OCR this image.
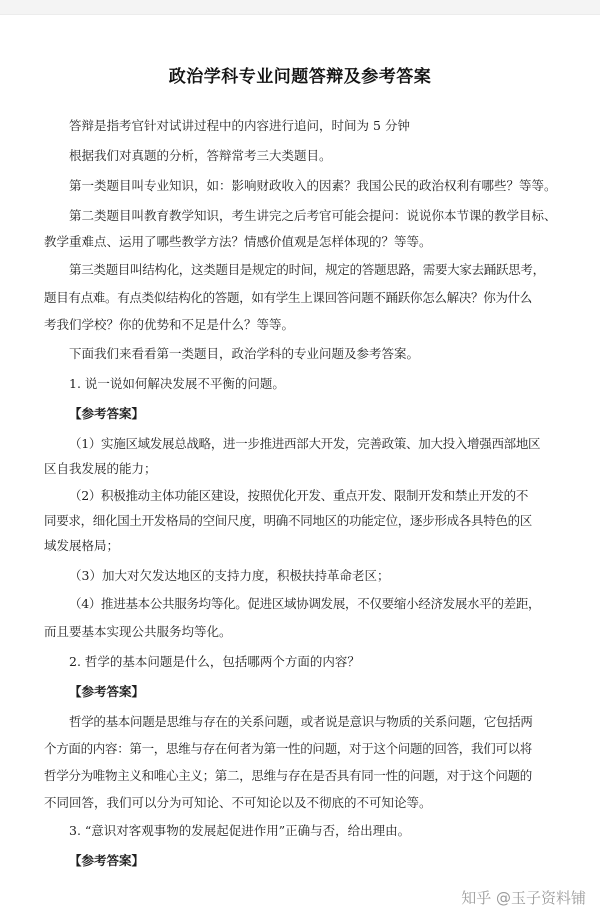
政治学科专业问题答辩及参考答案
答辩是指考官针对试讲过程中的内容进行追问，时间为 5 分钟
根据我们对真题的分析，答辩常考三大类题目。
第一类题目叫专业知识，如：影响财政收入的因素？我国公民的政治权利有哪些？等等。
第二类题目叫教育教学知识，考生讲完之后考官可能会提问：说说你本节课的教学目标、
教学重难点、运用了哪些教学方法？情感价值观是怎样体现的？等等。
第三类题目叫结构化，这类题目是规定的时间，规定的答题思路，需要大家去踊跃思考，
题目有点难。有点类似结构化的答题，如有学生上课回答问题不踊跃你怎么解决？你为什么
考我们学校？你的优势和不足是什么？等等。
下面我们来看看第一类题目，政治学科的专业问题及参考答案。
1. 说一说如何解决发展不平衡的问题。
【参考答案】
（1）实施区域发展总战略，进一步推进西部大开发，完善政策、加大投入增强西部地区
区自我发展的能力；
（2）积极推动主体功能区建设，按照优化开发、重点开发、限制开发和禁止开发的不
同要求，细化国土开发格局的空间尺度，明确不同地区的功能定位，逐步形成各具特色的区
域发展格局；
（3）加大对欠发达地区的支持力度，积极扶持革命老区；
（4）推进基本公共服务均等化。促进区域协调发展，不仅要缩小经济发展水平的差距，
而且要基本实现公共服务均等化。
2. 哲学的基本问题是什么，包括哪两个方面的内容？
【参考答案】
哲学的基本问题是思维与存在的关系问题，或者说是意识与物质的关系问题，它包括两
个方面的内容：第一，思维与存在何者为第一性的问题，对于这个问题的回答，我们可以将
哲学分为唯物主义和唯心主义；第二，思维与存在是否具有同一性的问题，对于这个问题的
不同回答，我们可以分为可知论、不可知论以及不彻底的不可知论等。
3. “意识对客观事物的发展起促进作用”正确与否，给出理由。
【参考答案】
知乎 @玉子资料铺
